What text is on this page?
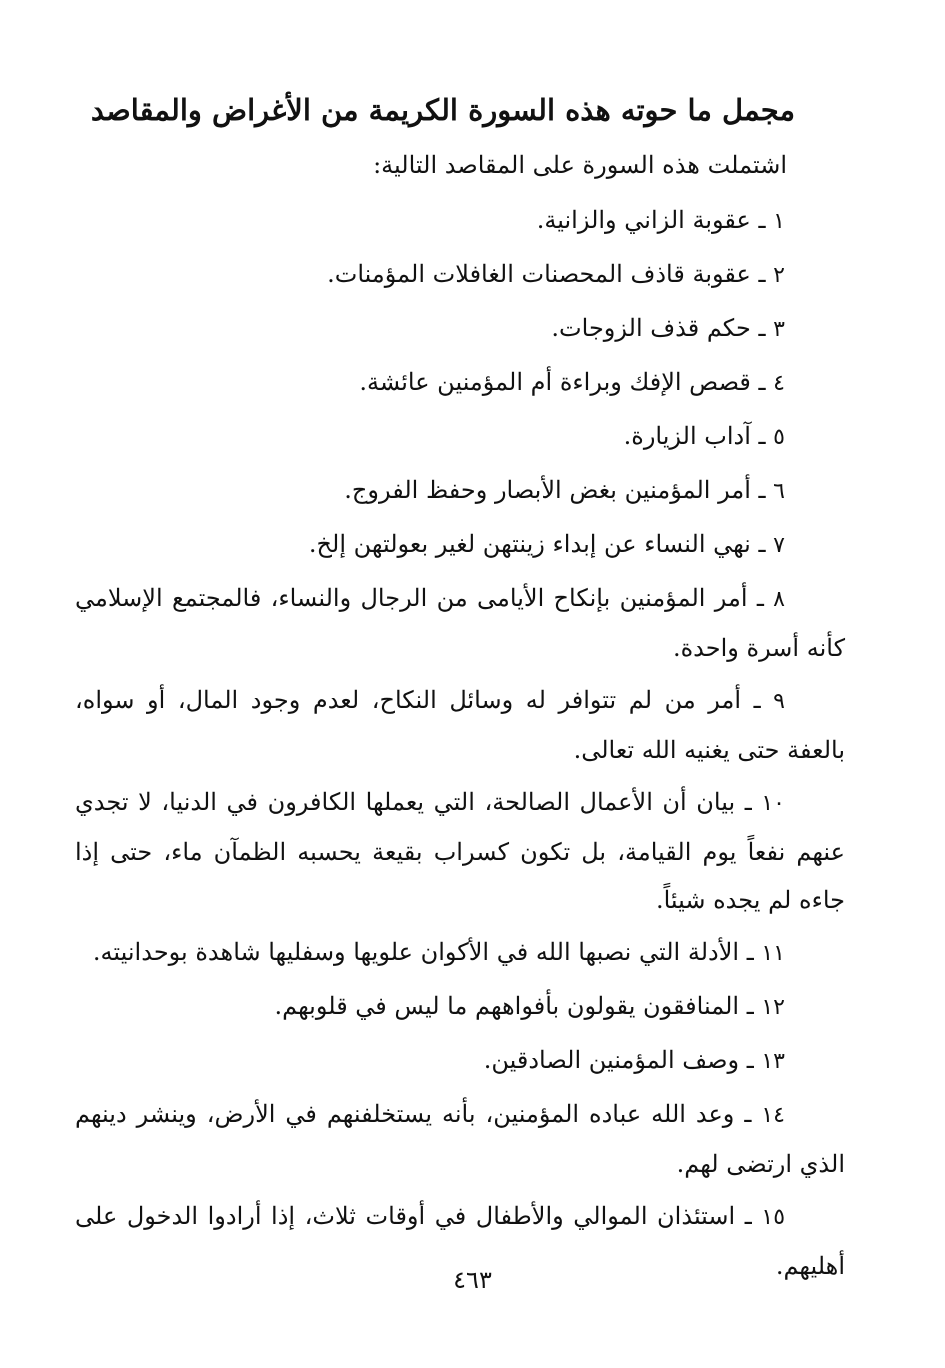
مجمل ما حوته هذه السورة الكريمة من الأغراض والمقاصد

اشتملت هذه السورة على المقاصد التالية:

١ ـ عقوبة الزاني والزانية.
٢ ـ عقوبة قاذف المحصنات الغافلات المؤمنات.
٣ ـ حكم قذف الزوجات.
٤ ـ قصص الإفك وبراءة أم المؤمنين عائشة.
٥ ـ آداب الزيارة.
٦ ـ أمر المؤمنين بغض الأبصار وحفظ الفروج.
٧ ـ نهي النساء عن إبداء زينتهن لغير بعولتهن إلخ.
٨ ـ أمر المؤمنين بإنكاح الأيامى من الرجال والنساء، فالمجتمع الإسلامي كأنه أسرة واحدة.
٩ ـ أمر من لم تتوافر له وسائل النكاح، لعدم وجود المال، أو سواه، بالعفة حتى يغنيه الله تعالى.
١٠ ـ بيان أن الأعمال الصالحة، التي يعملها الكافرون في الدنيا، لا تجدي عنهم نفعاً يوم القيامة، بل تكون كسراب بقيعة يحسبه الظمآن ماء، حتى إذا جاءه لم يجده شيئاً.
١١ ـ الأدلة التي نصبها الله في الأكوان علويها وسفليها شاهدة بوحدانيته.
١٢ ـ المنافقون يقولون بأفواههم ما ليس في قلوبهم.
١٣ ـ وصف المؤمنين الصادقين.
١٤ ـ وعد الله عباده المؤمنين، بأنه يستخلفنهم في الأرض، وينشر دينهم الذي ارتضى لهم.
١٥ ـ استئذان الموالي والأطفال في أوقات ثلاث، إذا أرادوا الدخول على أهليهم.
٤٦٣
